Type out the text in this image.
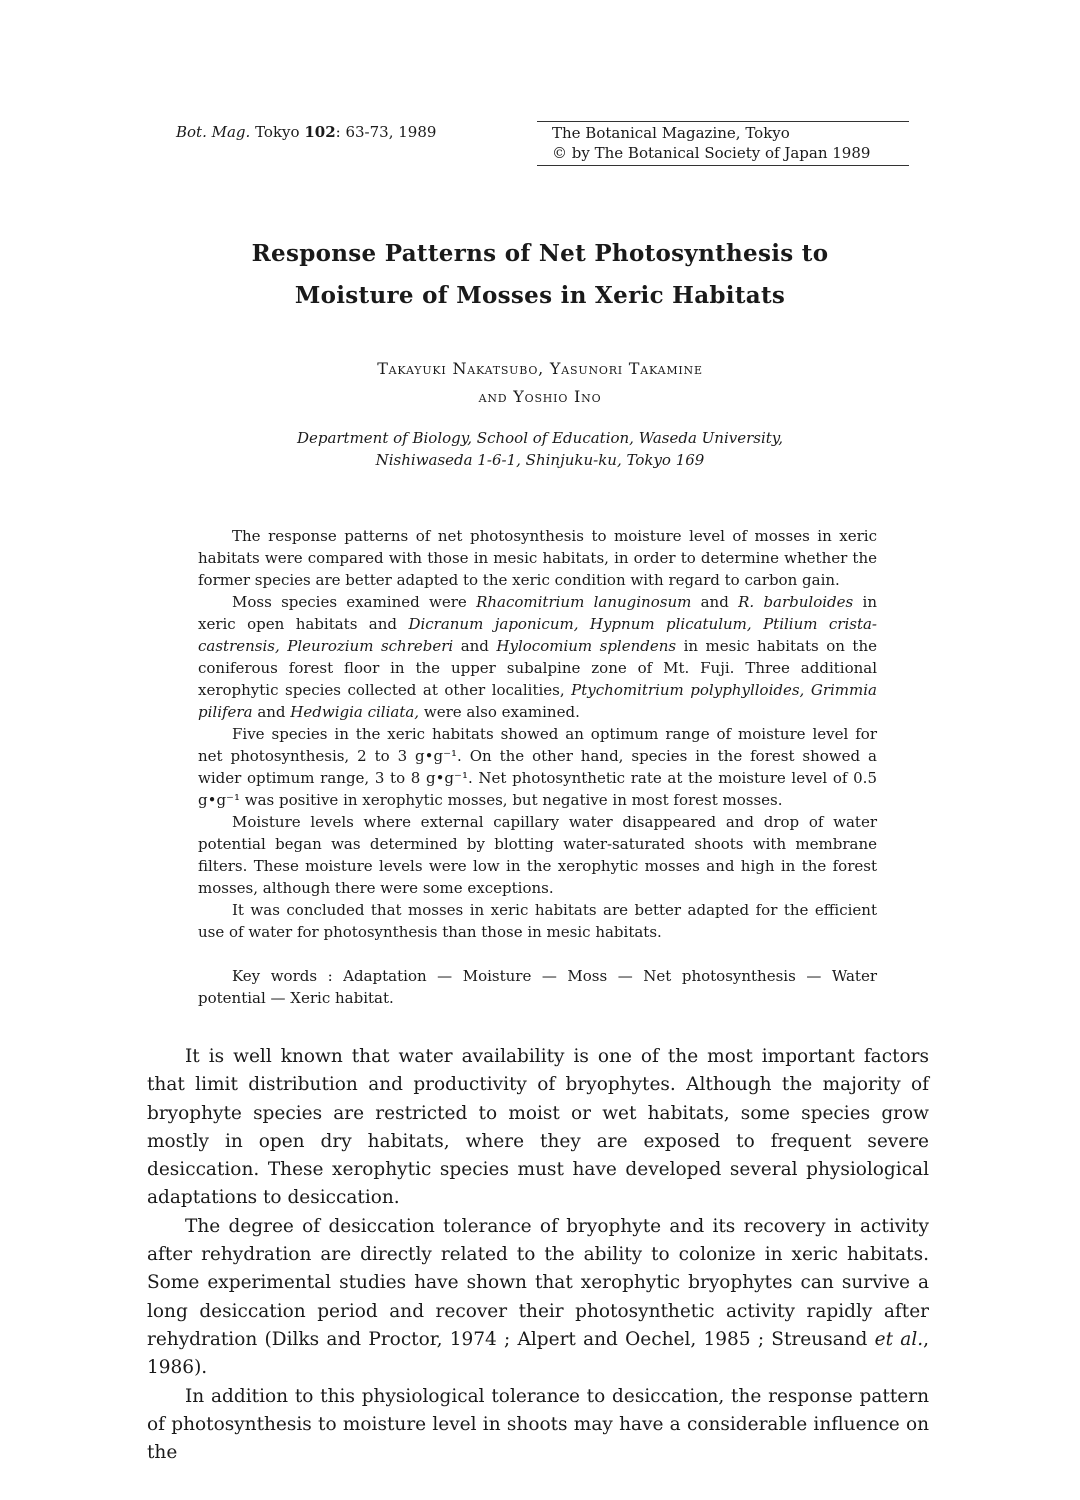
Bot. Mag. Tokyo 102: 63-73, 1989	The Botanical Magazine, Tokyo
© by The Botanical Society of Japan 1989
Response Patterns of Net Photosynthesis to
Moisture of Mosses in Xeric Habitats
Takayuki Nakatsubo, Yasunori Takamine
and Yoshio Ino
Department of Biology, School of Education, Waseda University,
Nishiwaseda 1-6-1, Shinjuku-ku, Tokyo 169

The response patterns of net photosynthesis to moisture level of mosses in xeric habitats were compared with those in mesic habitats, in order to determine whether the former species are better adapted to the xeric condition with regard to carbon gain.

Moss species examined were Rhacomitrium lanuginosum and R. barbuloides in xeric open habitats and Dicranum japonicum, Hypnum plicatulum, Ptilium crista-castrensis, Pleurozium schreberi and Hylocomium splendens in mesic habitats on the coniferous forest floor in the upper subalpine zone of Mt. Fuji. Three additional xerophytic species collected at other localities, Ptychomitrium polyphylloides, Grimmia pilifera and Hedwigia ciliata, were also examined.

Five species in the xeric habitats showed an optimum range of moisture level for net photosynthesis, 2 to 3 g•g⁻¹. On the other hand, species in the forest showed a wider optimum range, 3 to 8 g•g⁻¹. Net photosynthetic rate at the moisture level of 0.5 g•g⁻¹ was positive in xerophytic mosses, but negative in most forest mosses.

Moisture levels where external capillary water disappeared and drop of water potential began was determined by blotting water-saturated shoots with membrane filters. These moisture levels were low in the xerophytic mosses and high in the forest mosses, although there were some exceptions.

It was concluded that mosses in xeric habitats are better adapted for the efficient use of water for photosynthesis than those in mesic habitats.

Key words : Adaptation — Moisture — Moss — Net photosynthesis — Water potential — Xeric habitat.

It is well known that water availability is one of the most important factors that limit distribution and productivity of bryophytes. Although the majority of bryophyte species are restricted to moist or wet habitats, some species grow mostly in open dry habitats, where they are exposed to frequent severe desiccation. These xerophytic species must have developed several physiological adaptations to desiccation.

The degree of desiccation tolerance of bryophyte and its recovery in activity after rehydration are directly related to the ability to colonize in xeric habitats. Some experimental studies have shown that xerophytic bryophytes can survive a long desiccation period and recover their photosynthetic activity rapidly after rehydration (Dilks and Proctor, 1974 ; Alpert and Oechel, 1985 ; Streusand et al., 1986).

In addition to this physiological tolerance to desiccation, the response pattern of photosynthesis to moisture level in shoots may have a considerable influence on the
